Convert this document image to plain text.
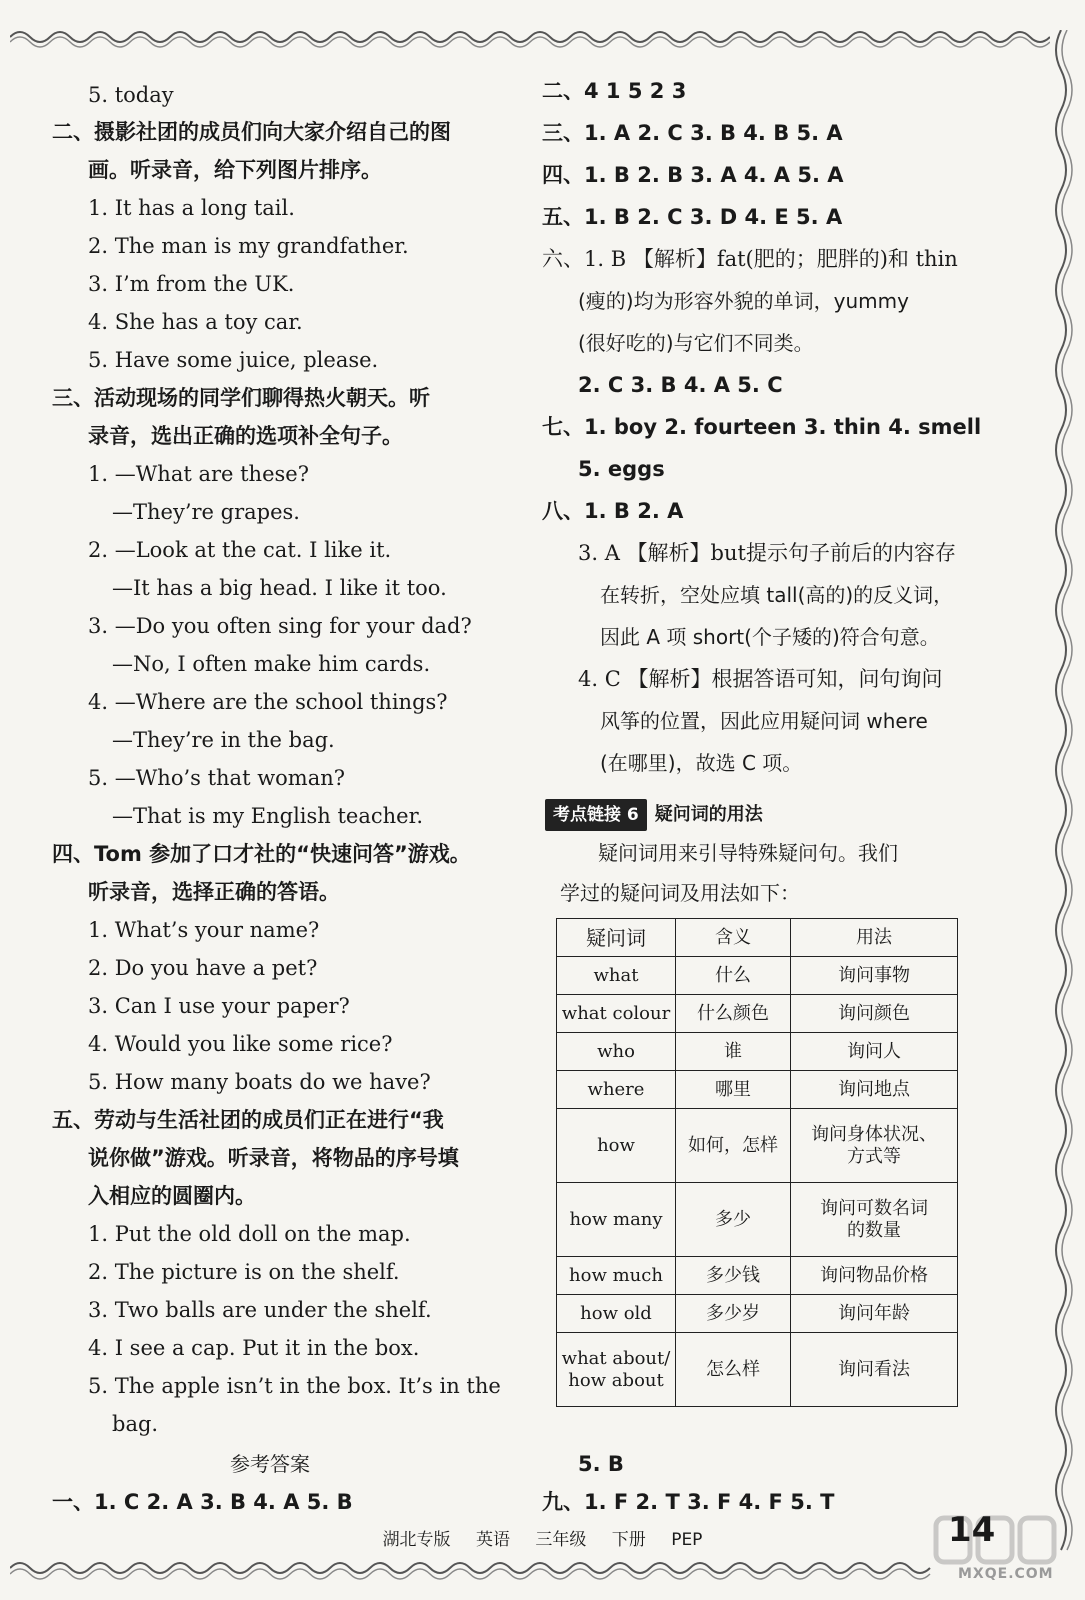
5. today
二、摄影社团的成员们向大家介绍自己的图
画。听录音，给下列图片排序。
1. It has a long tail.
2. The man is my grandfather.
3. I’m from the UK.
4. She has a toy car.
5. Have some juice, please.
三、活动现场的同学们聊得热火朝天。听
录音，选出正确的选项补全句子。
1. —What are these?
—They’re grapes.
2. —Look at the cat. I like it.
—It has a big head. I like it too.
3. —Do you often sing for your dad?
—No, I often make him cards.
4. —Where are the school things?
—They’re in the bag.
5. —Who’s that woman?
—That is my English teacher.
四、Tom 参加了口才社的“快速问答”游戏。
听录音，选择正确的答语。
1. What’s your name?
2. Do you have a pet?
3. Can I use your paper?
4. Would you like some rice?
5. How many boats do we have?
五、劳动与生活社团的成员们正在进行“我
说你做”游戏。听录音，将物品的序号填
入相应的圆圈内。
1. Put the old doll on the map.
2. The picture is on the shelf.
3. Two balls are under the shelf.
4. I see a cap. Put it in the box.
5. The apple isn’t in the box. It’s in the
bag.
参考答案
一、1. C 2. A 3. B 4. A 5. B
二、4 1 5 2 3
三、1. A 2. C 3. B 4. B 5. A
四、1. B 2. B 3. A 4. A 5. A
五、1. B 2. C 3. D 4. E 5. A
六、1. B 【解析】fat(肥的；肥胖的)和 thin
(瘦的)均为形容外貌的单词，yummy
(很好吃的)与它们不同类。
2. C 3. B 4. A 5. C
七、1. boy 2. fourteen 3. thin 4. smell
5. eggs
八、1. B 2. A
3. A 【解析】but提示句子前后的内容存
在转折，空处应填 tall(高的)的反义词，
因此 A 项 short(个子矮的)符合句意。
4. C 【解析】根据答语可知，问句询问
风筝的位置，因此应用疑问词 where
(在哪里)，故选 C 项。
考点链接 6 疑问词的用法
疑问词用来引导特殊疑问句。我们
学过的疑问词及用法如下：
疑问词	含义	用法
what	什么	询问事物
what colour	什么颜色	询问颜色
who	谁	询问人
where	哪里	询问地点
how	如何，怎样	询问身体状况、
方式等

how many	多少	询问可数名词
的数量

how much	多少钱	询问物品价格
how old	多少岁	询问年龄

what about/
how about	怎么样	询问看法
5. B
九、1. F 2. T 3. F 4. F 5. T
湖北专版 英语 三年级 下册 PEP	14
MXQE.COM
